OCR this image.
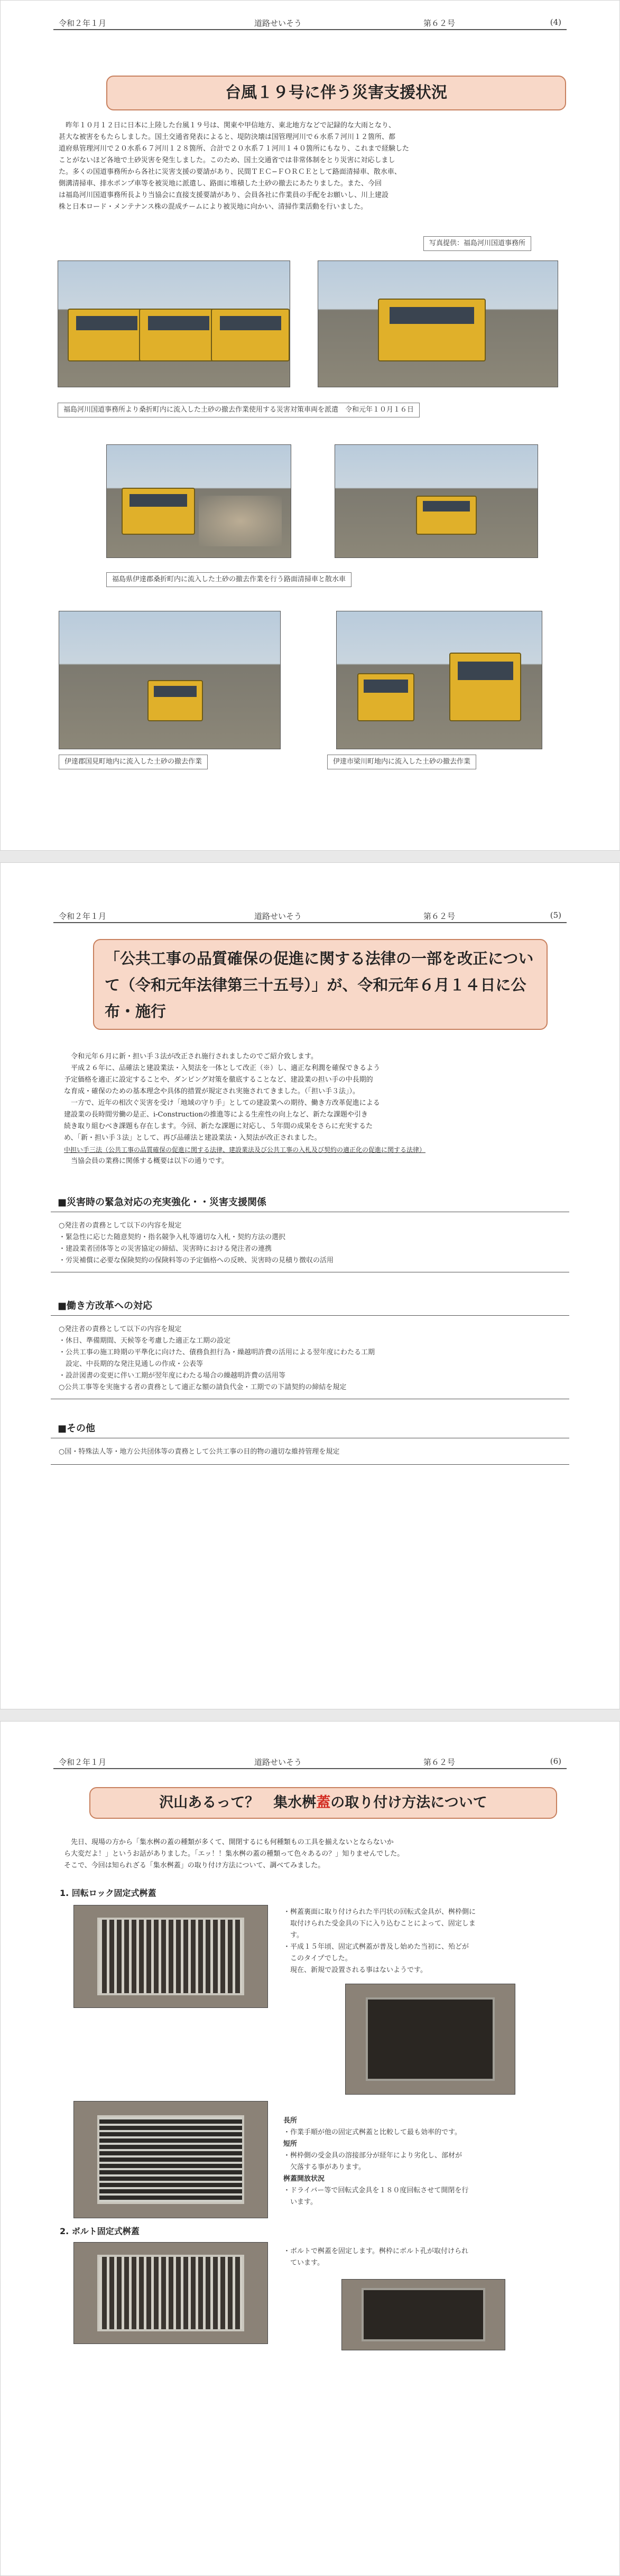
令和２年１月	道路せいそう	第６２号	(4)
台風１９号に伴う災害支援状況
昨年１０月１２日に日本に上陸した台風１９号は、関東や甲信地方、東北地方などで記録的な大雨となり、
甚大な被害をもたらしました。国土交通省発表によると、堤防決壊は国管理河川で６水系７河川１２箇所、都
道府県管理河川で２０水系６７河川１２８箇所、合計で２０水系７１河川１４０箇所にもなり、これまで経験した
ことがないほど各地で土砂災害を発生しました。このため、国土交通省では非常体制をとり災害に対応しまし
た。多くの国道事務所から各社に災害支援の要請があり、民間ＴＥＣ−ＦＯＲＣＥとして路面清掃車、散水車、
側溝清掃車、排水ポンプ車等を被災地に派遣し、路面に堆積した土砂の撤去にあたりました。また、今回
は福島河川国道事務所長より当協会に直接支援要請があり、会員各社に作業員の手配をお願いし、川上建設
株と日本ロード・メンテナンス株の混成チームにより被災地に向かい、清掃作業活動を行いました。
写真提供：福島河川国道事務所
福島河川国道事務所より桑折町内に流入した土砂の撤去作業使用する災害対策車両を派遣　令和元年１０月１６日
福島県伊達郡桑折町内に流入した土砂の撤去作業を行う路面清掃車と散水車
伊達郡国見町地内に流入した土砂の撤去作業	伊達市梁川町地内に流入した土砂の撤去作業
令和２年１月	道路せいそう	第６２号	(5)
「公共工事の品質確保の促進に関する法律の一部を改正について（令和元年法律第三十五号）」が、令和元年６月１４日に公布・施行
令和元年６月に新・担い手３法が改正され施行されましたのでご紹介致します。
平成２６年に、品確法と建設業法・入契法を一体として改正（※）し、適正な利潤を確保できるよう
予定価格を適正に設定することや、ダンピング対策を徹底することなど、建設業の担い手の中長期的
な育成・確保のための基本理念や具体的措置が規定され実施されてきました。（「担い手３法」）。
一方で、近年の相次ぐ災害を受け「地域の守り手」としての建設業への期待、働き方改革促進による
建設業の長時間労働の是正、i-Constructionの推進等による生産性の向上など、新たな課題や引き
続き取り組むべき課題も存在します。今回、新たな課題に対応し、５年間の成果をさらに充実するた
め、「新・担い手３法」として、再び品確法と建設業法・入契法が改正されました。
中担い手三法（公共工事の品質確保の促進に関する法律、建設業法及び公共工事の入札及び契約の適正化の促進に関する法律）
当協会員の業務に関係する概要は以下の通りです。
■災害時の緊急対応の充実強化・・災害支援関係
○発注者の責務として以下の内容を規定
・緊急性に応じた随意契約・指名競争入札等適切な入札・契約方法の選択
・建設業者団体等との災害協定の締結、災害時における発注者の連携
・労災補償に必要な保険契約の保険料等の予定価格への反映、災害時の見積り徴収の活用
■働き方改革への対応
○発注者の責務として以下の内容を規定
・休日、準備期間、天候等を考慮した適正な工期の設定
・公共工事の施工時期の平準化に向けた、債務負担行為・繰越明許費の活用による翌年度にわたる工期
　設定、中長期的な発注見通しの作成・公表等
・設計図書の変更に伴い工期が翌年度にわたる場合の繰越明許費の活用等
○公共工事等を実施する者の責務として適正な額の請負代金・工期での下請契約の締結を規定
■その他
○国・特殊法人等・地方公共団体等の責務として公共工事の目的物の適切な維持管理を規定
令和２年１月	道路せいそう	第６２号	(6)
沢山あるって？　集水桝蓋の取り付け方法について
先日、現場の方から「集水桝の蓋の種類が多くて、開閉するにも何種類もの工具を揃えないとならないか
ら大変だよ！」というお話がありました。「エッ！！集水桝の蓋の種類って色々あるの？」知りませんでした。
そこで、今回は知られざる「集水桝蓋」の取り付け方法について、調べてみました。
1. 回転ロック固定式桝蓋
・桝蓋裏面に取り付けられた半円状の回転式金具が、桝枠側に
　取付けられた受金具の下に入り込むことによって、固定しま
　す。
・平成１５年頃、固定式桝蓋が普及し始めた当初に、殆どが
　このタイプでした。
　現在、新規で設置される事はないようです。
長所
・作業手順が他の固定式桝蓋と比較して最も効率的です。
短所
・桝枠側の受金具の溶接部分が経年により劣化し、部材が
　欠落する事があります。
桝蓋開放状況
・ドライバー等で回転式金具を１８０度回転させて開閉を行
　います。
2. ボルト固定式桝蓋
・ボルトで桝蓋を固定します。桝枠にボルト孔が取付けられ
　ています。
